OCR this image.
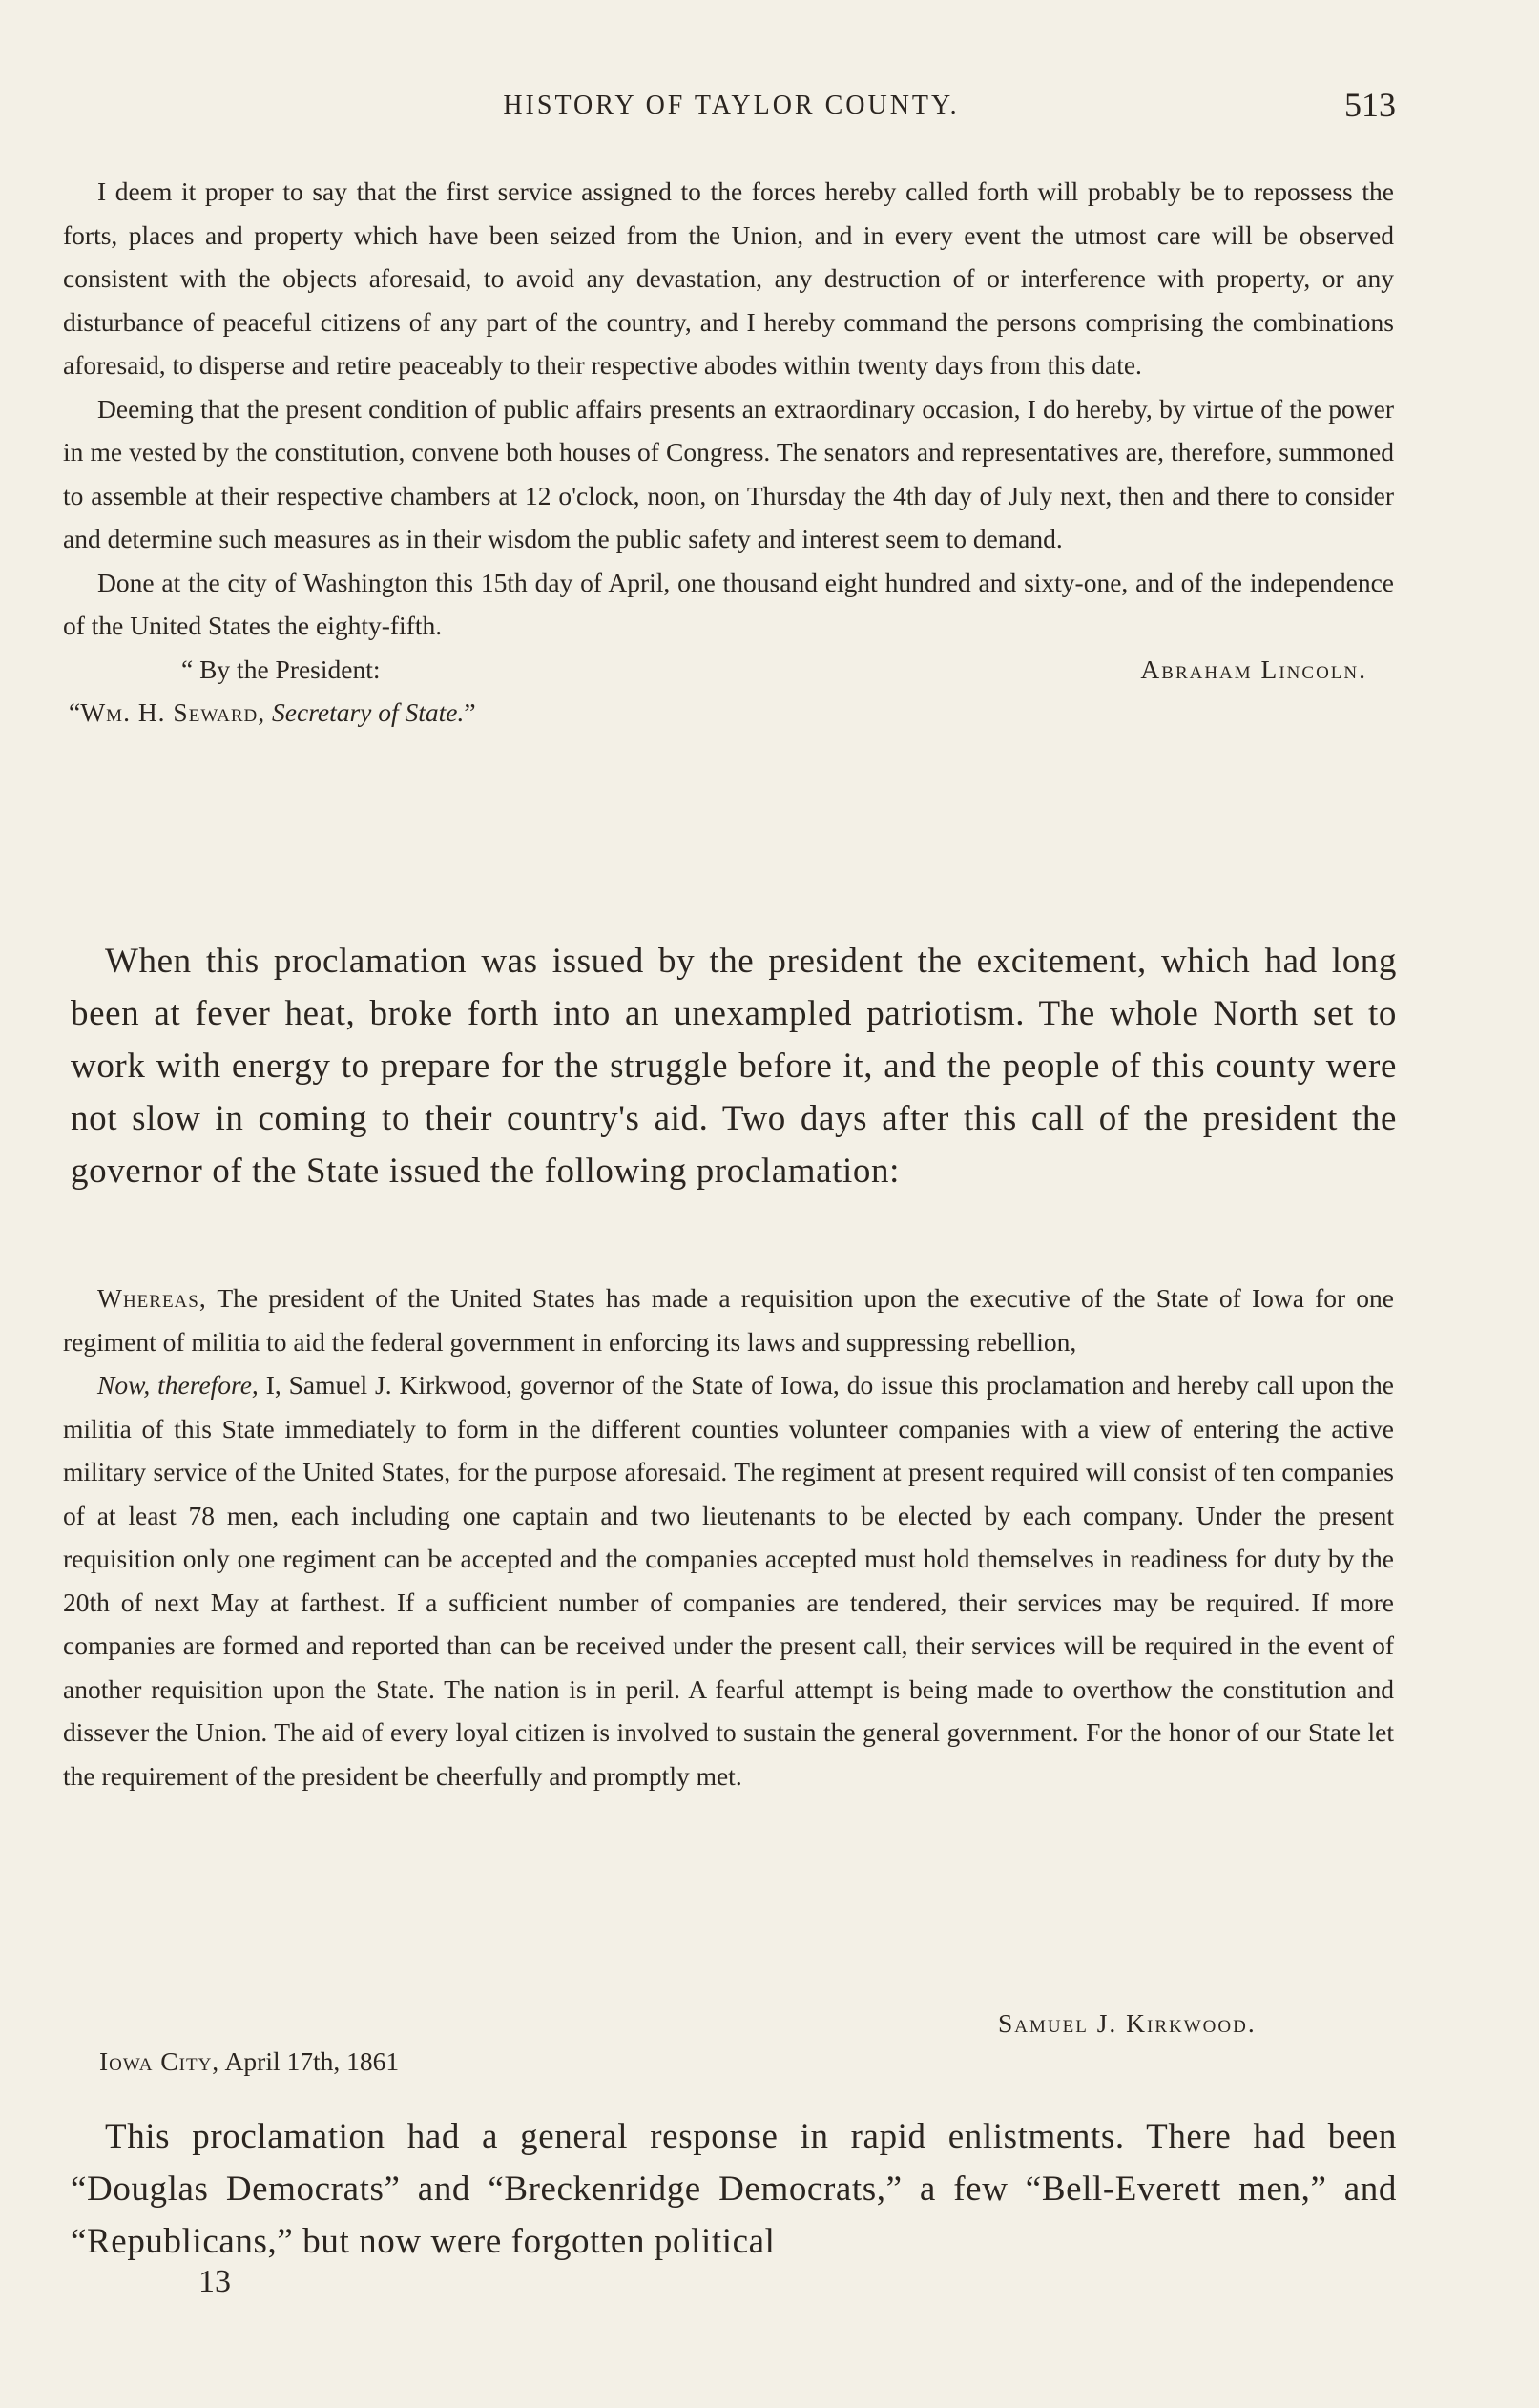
HISTORY OF TAYLOR COUNTY.	513

I deem it proper to say that the first service assigned to the forces hereby called forth will probably be to repossess the forts, places and property which have been seized from the Union, and in every event the utmost care will be observed consistent with the objects aforesaid, to avoid any devastation, any destruction of or interference with property, or any disturbance of peaceful citizens of any part of the country, and I hereby command the persons comprising the combinations aforesaid, to disperse and retire peaceably to their respective abodes within twenty days from this date.

Deeming that the present condition of public affairs presents an extraordinary occasion, I do hereby, by virtue of the power in me vested by the constitution, convene both houses of Congress. The senators and representatives are, therefore, summoned to assemble at their respective chambers at 12 o'clock, noon, on Thursday the 4th day of July next, then and there to consider and determine such measures as in their wisdom the public safety and interest seem to demand.

Done at the city of Washington this 15th day of April, one thousand eight hundred and sixty-one, and of the independence of the United States the eighty-fifth.

“ By the President:	Abraham Lincoln.
“Wm. H. Seward, Secretary of State.”

When this proclamation was issued by the president the excitement, which had long been at fever heat, broke forth into an unexampled patriotism. The whole North set to work with energy to prepare for the struggle before it, and the people of this county were not slow in coming to their country's aid. Two days after this call of the president the governor of the State issued the following proclamation:

Whereas, The president of the United States has made a requisition upon the executive of the State of Iowa for one regiment of militia to aid the federal government in enforcing its laws and suppressing rebellion,

Now, therefore, I, Samuel J. Kirkwood, governor of the State of Iowa, do issue this proclamation and hereby call upon the militia of this State immediately to form in the different counties volunteer companies with a view of entering the active military service of the United States, for the purpose aforesaid. The regiment at present required will consist of ten companies of at least 78 men, each including one captain and two lieutenants to be elected by each company. Under the present requisition only one regiment can be accepted and the companies accepted must hold themselves in readiness for duty by the 20th of next May at farthest. If a sufficient number of companies are tendered, their services may be required. If more companies are formed and reported than can be received under the present call, their services will be required in the event of another requisition upon the State. The nation is in peril. A fearful attempt is being made to overthow the constitution and dissever the Union. The aid of every loyal citizen is involved to sustain the general government. For the honor of our State let the requirement of the president be cheerfully and promptly met.

Samuel J. Kirkwood.
Iowa City, April 17th, 1861

This proclamation had a general response in rapid enlistments. There had been “Douglas Democrats” and “Breckenridge Democrats,” a few “Bell-Everett men,” and “Republicans,” but now were forgotten political

13
